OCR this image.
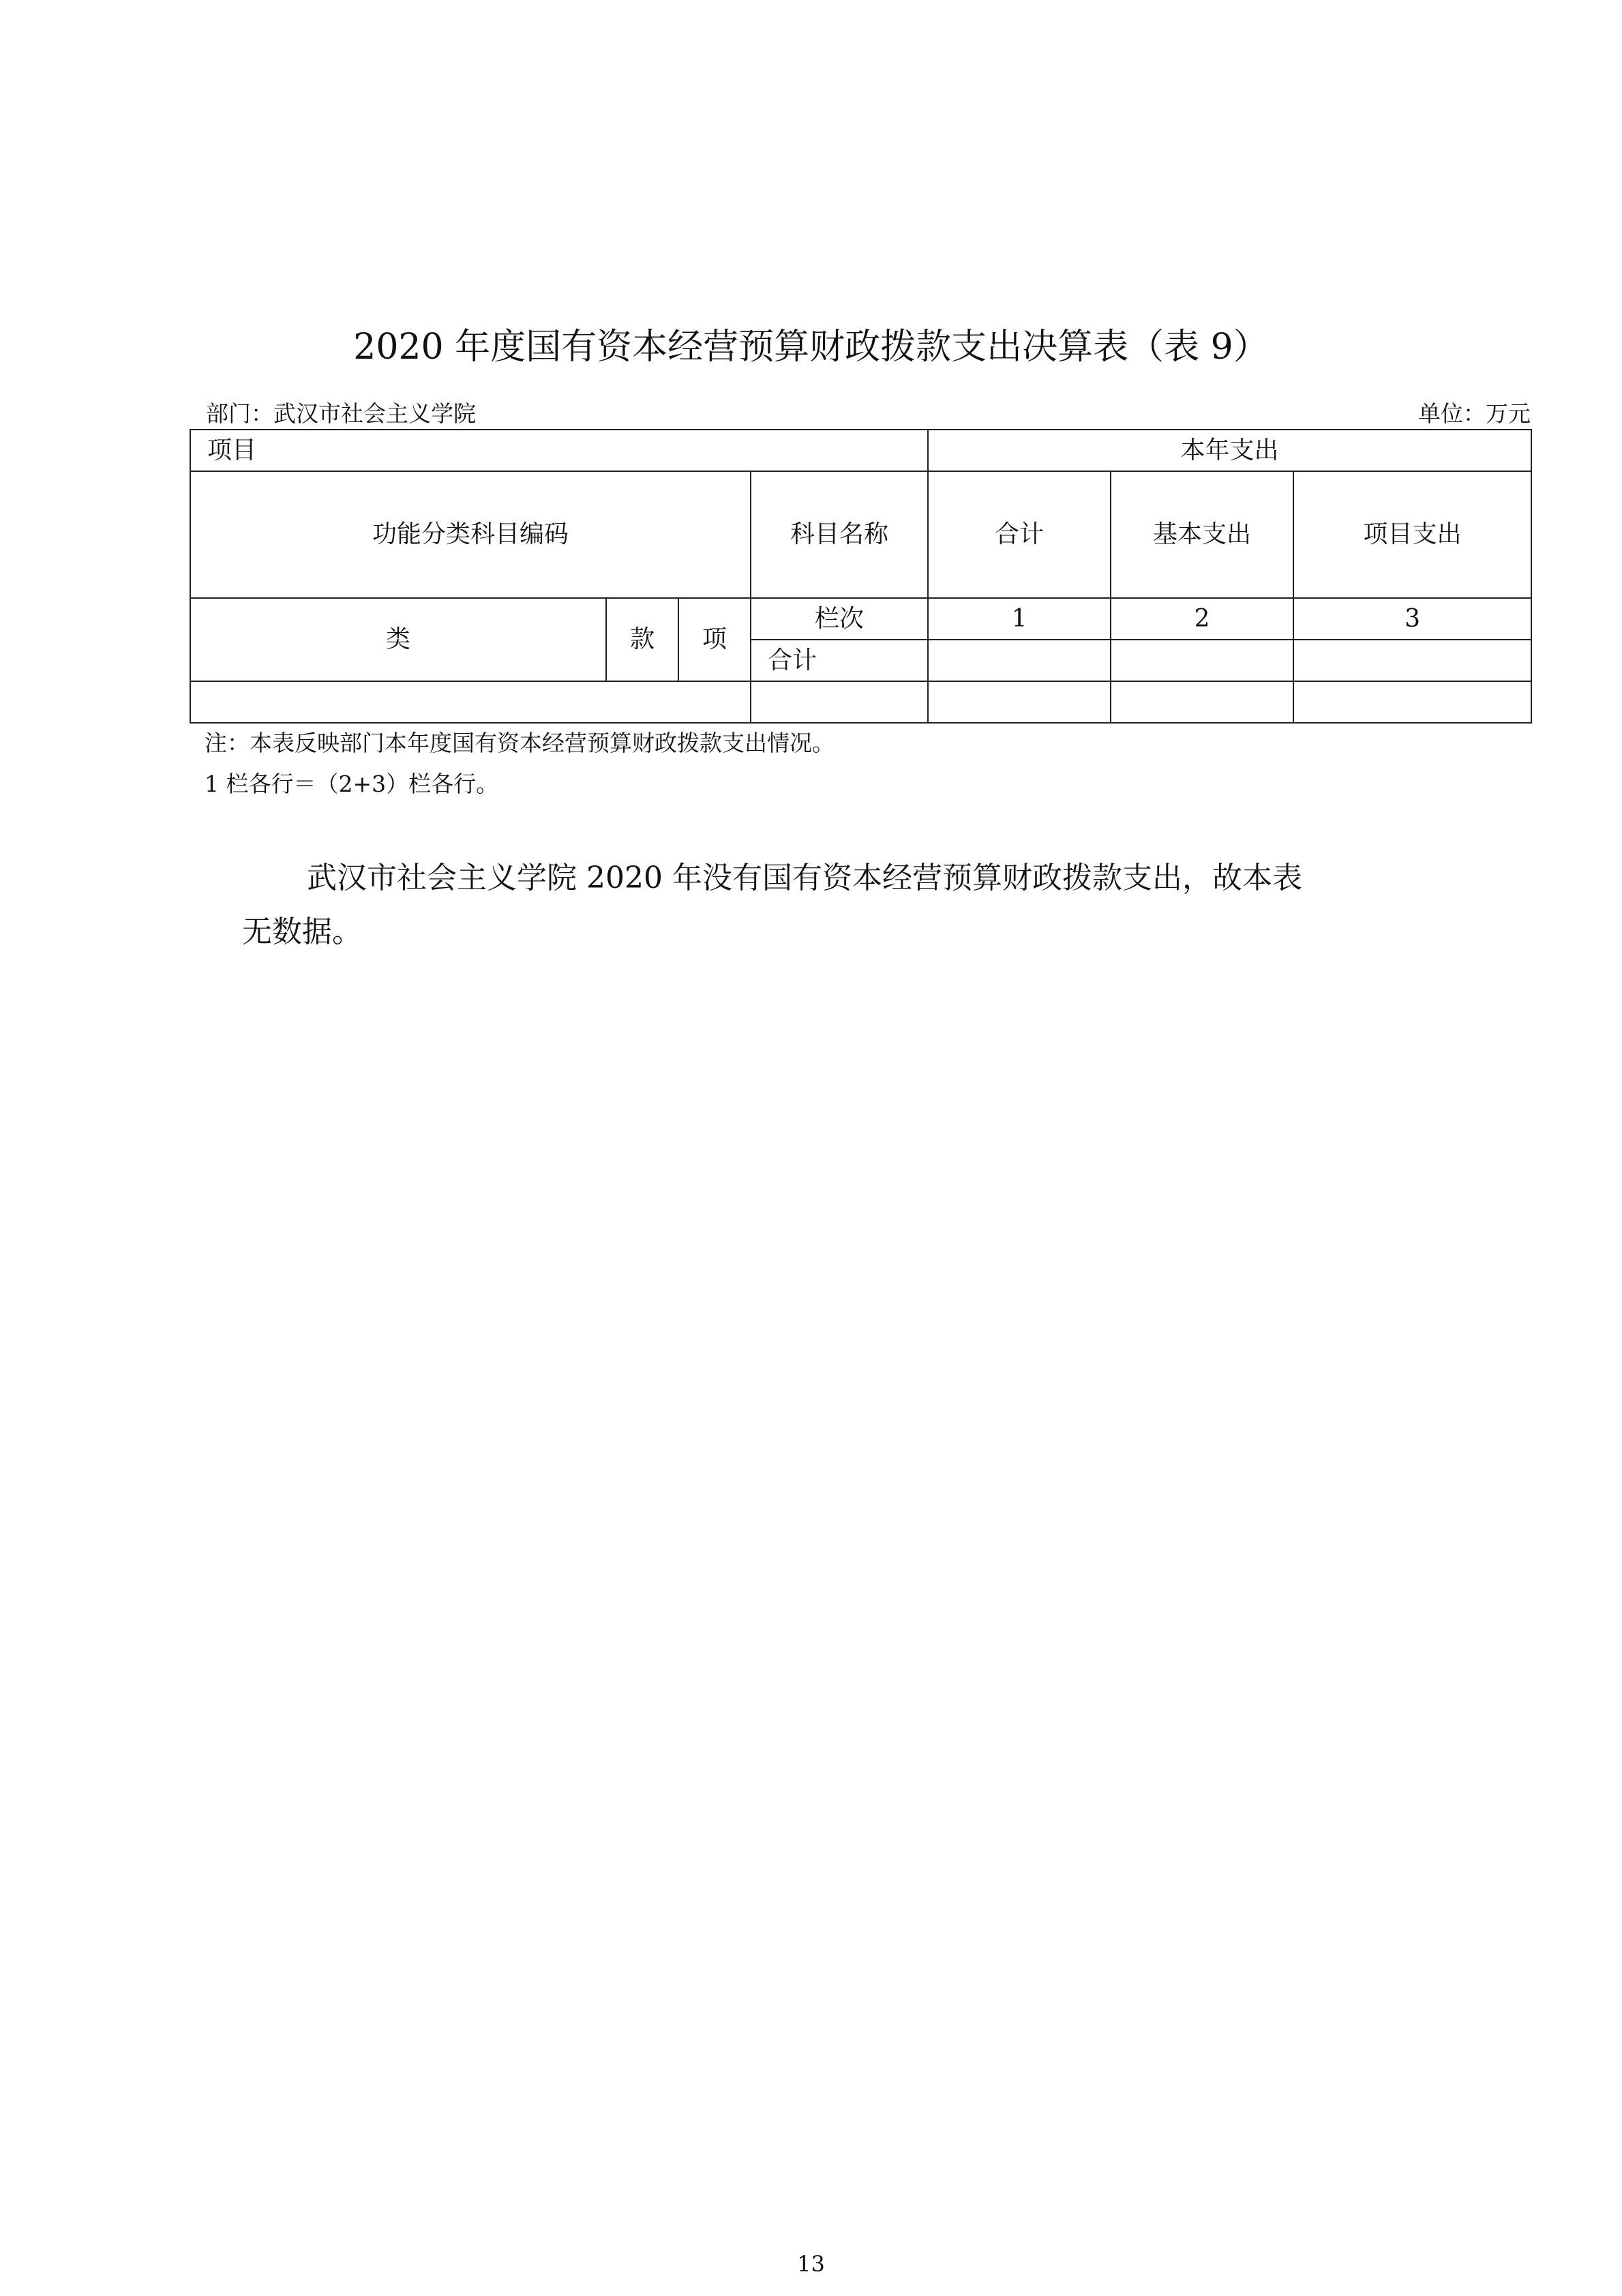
2020 年度国有资本经营预算财政拨款支出决算表（表 9）
部门：武汉市社会主义学院	单位：万元
项目				本年支出		
功能分类科目编码			科目名称	合计	基本支出	项目支出
类	款	项	栏次	1	2	3
			合计			

注：本表反映部门本年度国有资本经营预算财政拨款支出情况。
1 栏各行＝（2+3）栏各行。
武汉市社会主义学院 2020 年没有国有资本经营预算财政拨款支出，故本表
无数据。
13
